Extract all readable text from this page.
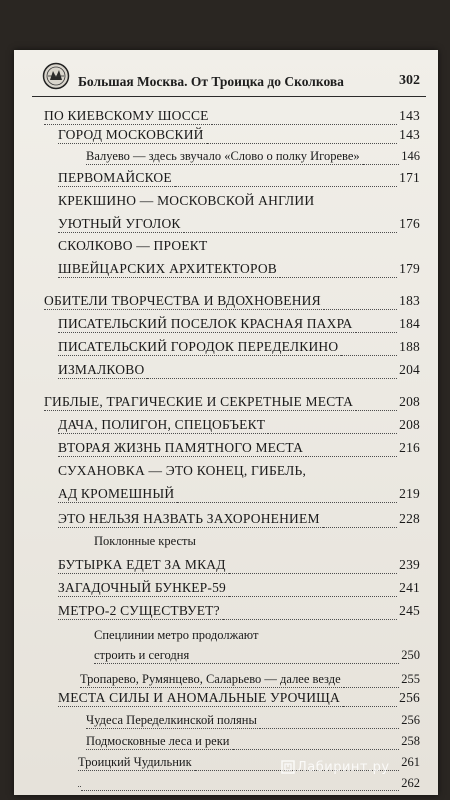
Большая Москва. От Троицка до Сколкова	302
ПО КИЕВСКОМУ ШОССЕ	143
ГОРОД МОСКОВСКИЙ	143
Валуево — здесь звучало «Слово о полку Игореве»	146
ПЕРВОМАЙСКОЕ	171
КРЕКШИНО — МОСКОВСКОЙ АНГЛИИ
УЮТНЫЙ УГОЛОК	176
СКОЛКОВО — ПРОЕКТ
ШВЕЙЦАРСКИХ АРХИТЕКТОРОВ	179
ОБИТЕЛИ ТВОРЧЕСТВА И ВДОХНОВЕНИЯ	183
ПИСАТЕЛЬСКИЙ ПОСЕЛОК КРАСНАЯ ПАХРА	184
ПИСАТЕЛЬСКИЙ ГОРОДОК ПЕРЕДЕЛКИНО	188
ИЗМАЛКОВО	204
ГИБЛЫЕ, ТРАГИЧЕСКИЕ И СЕКРЕТНЫЕ МЕСТА	208
ДАЧА, ПОЛИГОН, СПЕЦОБЪЕКТ	208
ВТОРАЯ ЖИЗНЬ ПАМЯТНОГО МЕСТА	216
СУХАНОВКА — ЭТО КОНЕЦ, ГИБЕЛЬ,
АД КРОМЕШНЫЙ	219
ЭТО НЕЛЬЗЯ НАЗВАТЬ ЗАХОРОНЕНИЕМ	228
Поклонные кресты
БУТЫРКА ЕДЕТ ЗА МКАД	239
ЗАГАДОЧНЫЙ БУНКЕР-59	241
МЕТРО-2 СУЩЕСТВУЕТ?	245
Спецлинии метро продолжают
строить и сегодня	250
Тропарево, Румянцево, Саларьево — далее везде	255
МЕСТА СИЛЫ И АНОМАЛЬНЫЕ УРОЧИЩА	256
Чудеса Переделкинской поляны	256
Подмосковные леса и реки	258
Троицкий Чудильник	261
262
Лабиринт.ру
